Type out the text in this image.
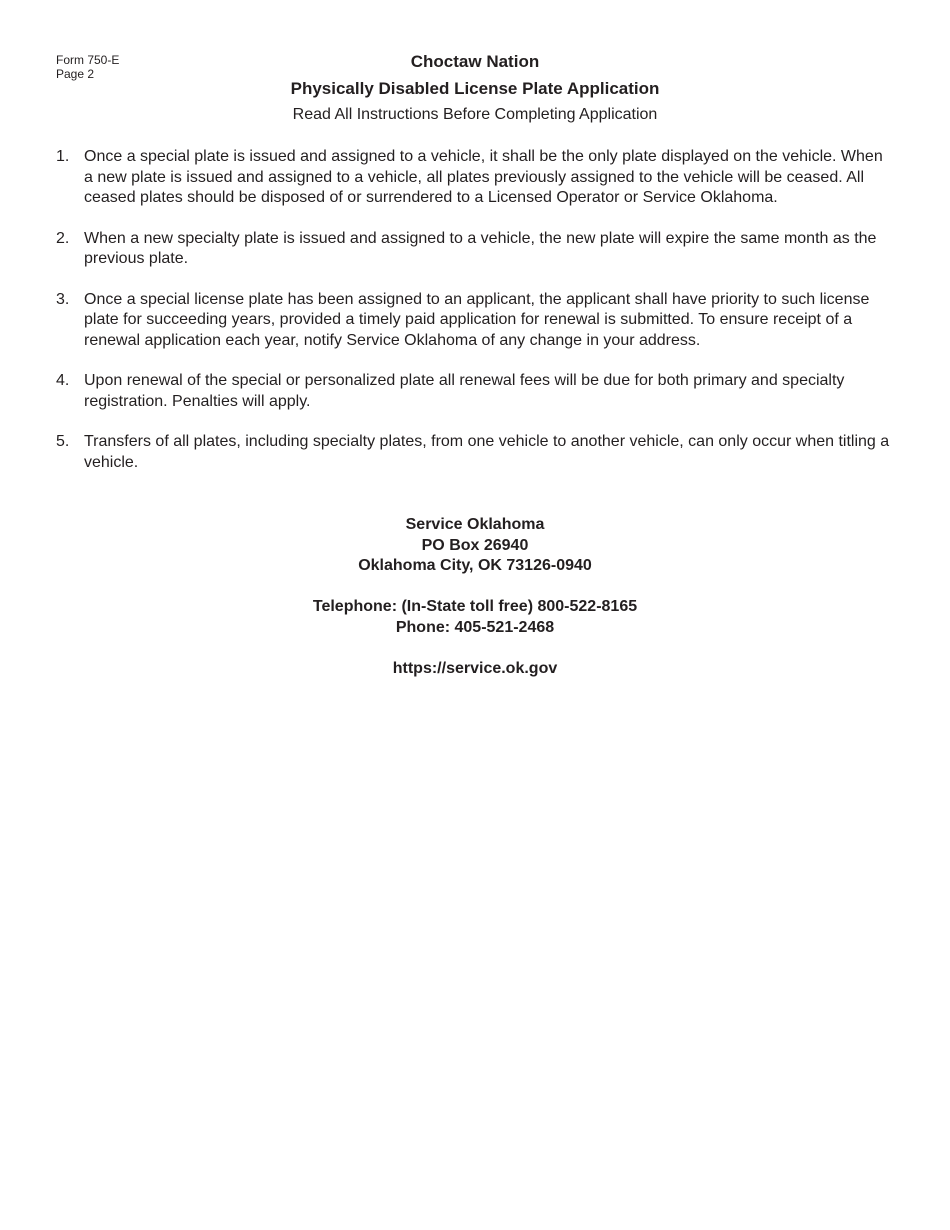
Form 750-E
Page 2
Choctaw Nation
Physically Disabled License Plate Application
Read All Instructions Before Completing Application
1. Once a special plate is issued and assigned to a vehicle, it shall be the only plate displayed on the vehicle. When a new plate is issued and assigned to a vehicle, all plates previously assigned to the vehicle will be ceased. All ceased plates should be disposed of or surrendered to a Licensed Operator or Service Oklahoma.
2. When a new specialty plate is issued and assigned to a vehicle, the new plate will expire the same month as the previous plate.
3. Once a special license plate has been assigned to an applicant, the applicant shall have priority to such license plate for succeeding years, provided a timely paid application for renewal is submitted. To ensure receipt of a renewal application each year, notify Service Oklahoma of any change in your address.
4. Upon renewal of the special or personalized plate all renewal fees will be due for both primary and specialty registration. Penalties will apply.
5. Transfers of all plates, including specialty plates, from one vehicle to another vehicle, can only occur when titling a vehicle.
Service Oklahoma
PO Box 26940
Oklahoma City, OK 73126-0940
Telephone: (In-State toll free) 800-522-8165
Phone: 405-521-2468
https://service.ok.gov
